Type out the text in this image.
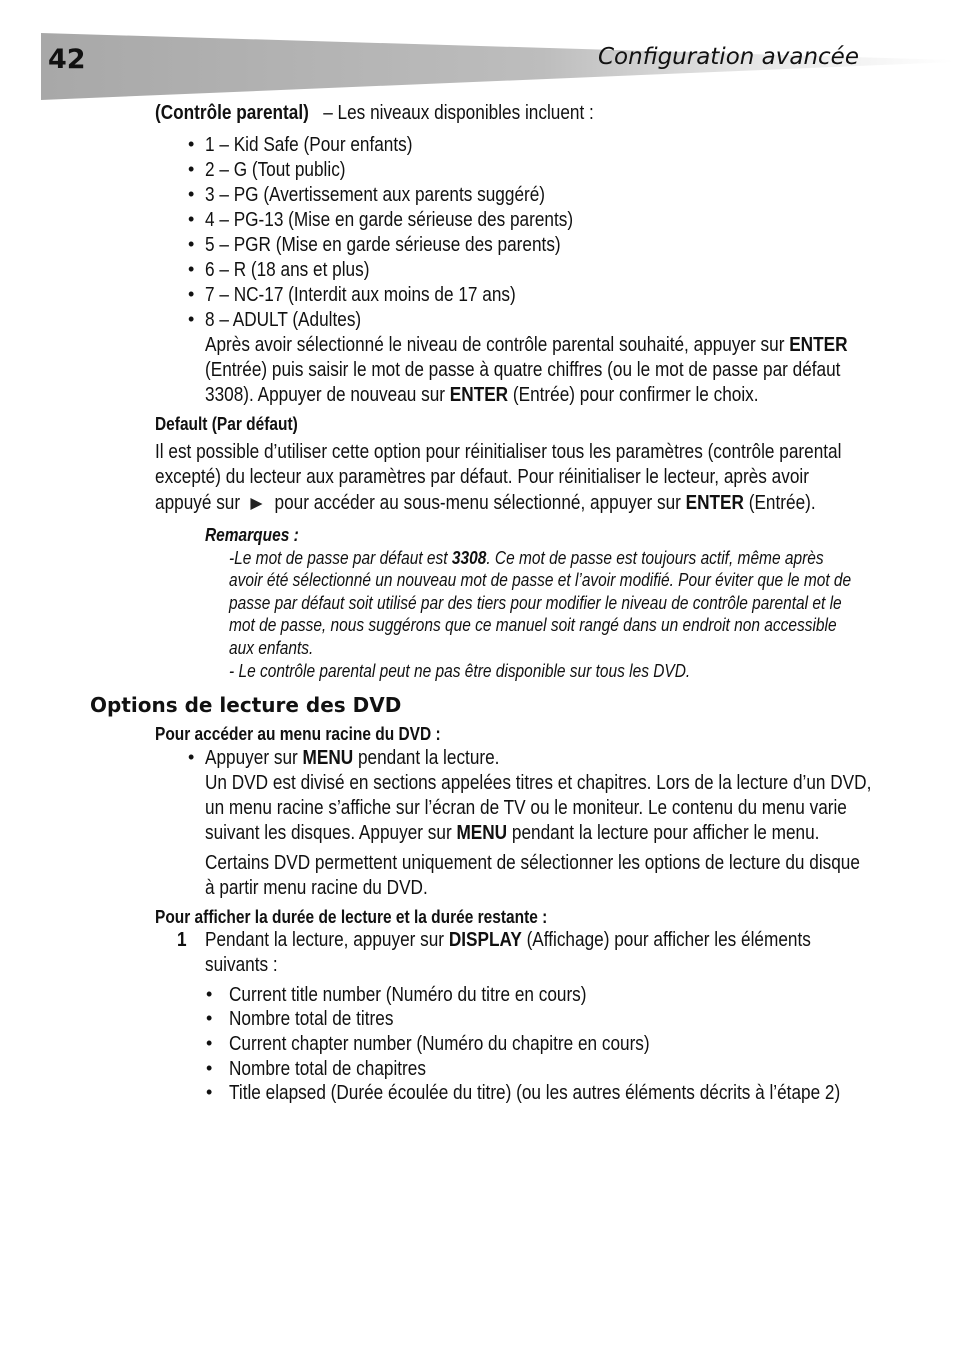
42	Configuration avancée
(Contrôle parental) – Les niveaux disponibles incluent :
• 1 – Kid Safe (Pour enfants)
• 2 – G (Tout public)
• 3 – PG (Avertissement aux parents suggéré)
• 4 – PG-13 (Mise en garde sérieuse des parents)
• 5 – PGR (Mise en garde sérieuse des parents)
• 6 – R (18 ans et plus)
• 7 – NC-17 (Interdit aux moins de 17 ans)
• 8 – ADULT (Adultes)
Après avoir sélectionné le niveau de contrôle parental souhaité, appuyer sur ENTER
(Entrée) puis saisir le mot de passe à quatre chiffres (ou le mot de passe par défaut
3308). Appuyer de nouveau sur ENTER (Entrée) pour confirmer le choix.
Default (Par défaut)
Il est possible d’utiliser cette option pour réinitialiser tous les paramètres (contrôle parental
excepté) du lecteur aux paramètres par défaut. Pour réinitialiser le lecteur, après avoir
appuyé sur pour accéder au sous-menu sélectionné, appuyer sur ENTER (Entrée).
Remarques :
-Le mot de passe par défaut est 3308. Ce mot de passe est toujours actif, même après
avoir été sélectionné un nouveau mot de passe et l’avoir modifié. Pour éviter que le mot de
passe par défaut soit utilisé par des tiers pour modifier le niveau de contrôle parental et le
mot de passe, nous suggérons que ce manuel soit rangé dans un endroit non accessible
aux enfants.
- Le contrôle parental peut ne pas être disponible sur tous les DVD.
Options de lecture des DVD
Pour accéder au menu racine du DVD :
• Appuyer sur MENU pendant la lecture.
Un DVD est divisé en sections appelées titres et chapitres. Lors de la lecture d’un DVD,
un menu racine s’affiche sur l’écran de TV ou le moniteur. Le contenu du menu varie
suivant les disques. Appuyer sur MENU pendant la lecture pour afficher le menu.
Certains DVD permettent uniquement de sélectionner les options de lecture du disque
à partir menu racine du DVD.
Pour afficher la durée de lecture et la durée restante :
1 Pendant la lecture, appuyer sur DISPLAY (Affichage) pour afficher les éléments
suivants :
• Current title number (Numéro du titre en cours)
• Nombre total de titres
• Current chapter number (Numéro du chapitre en cours)
• Nombre total de chapitres
• Title elapsed (Durée écoulée du titre) (ou les autres éléments décrits à l’étape 2)
